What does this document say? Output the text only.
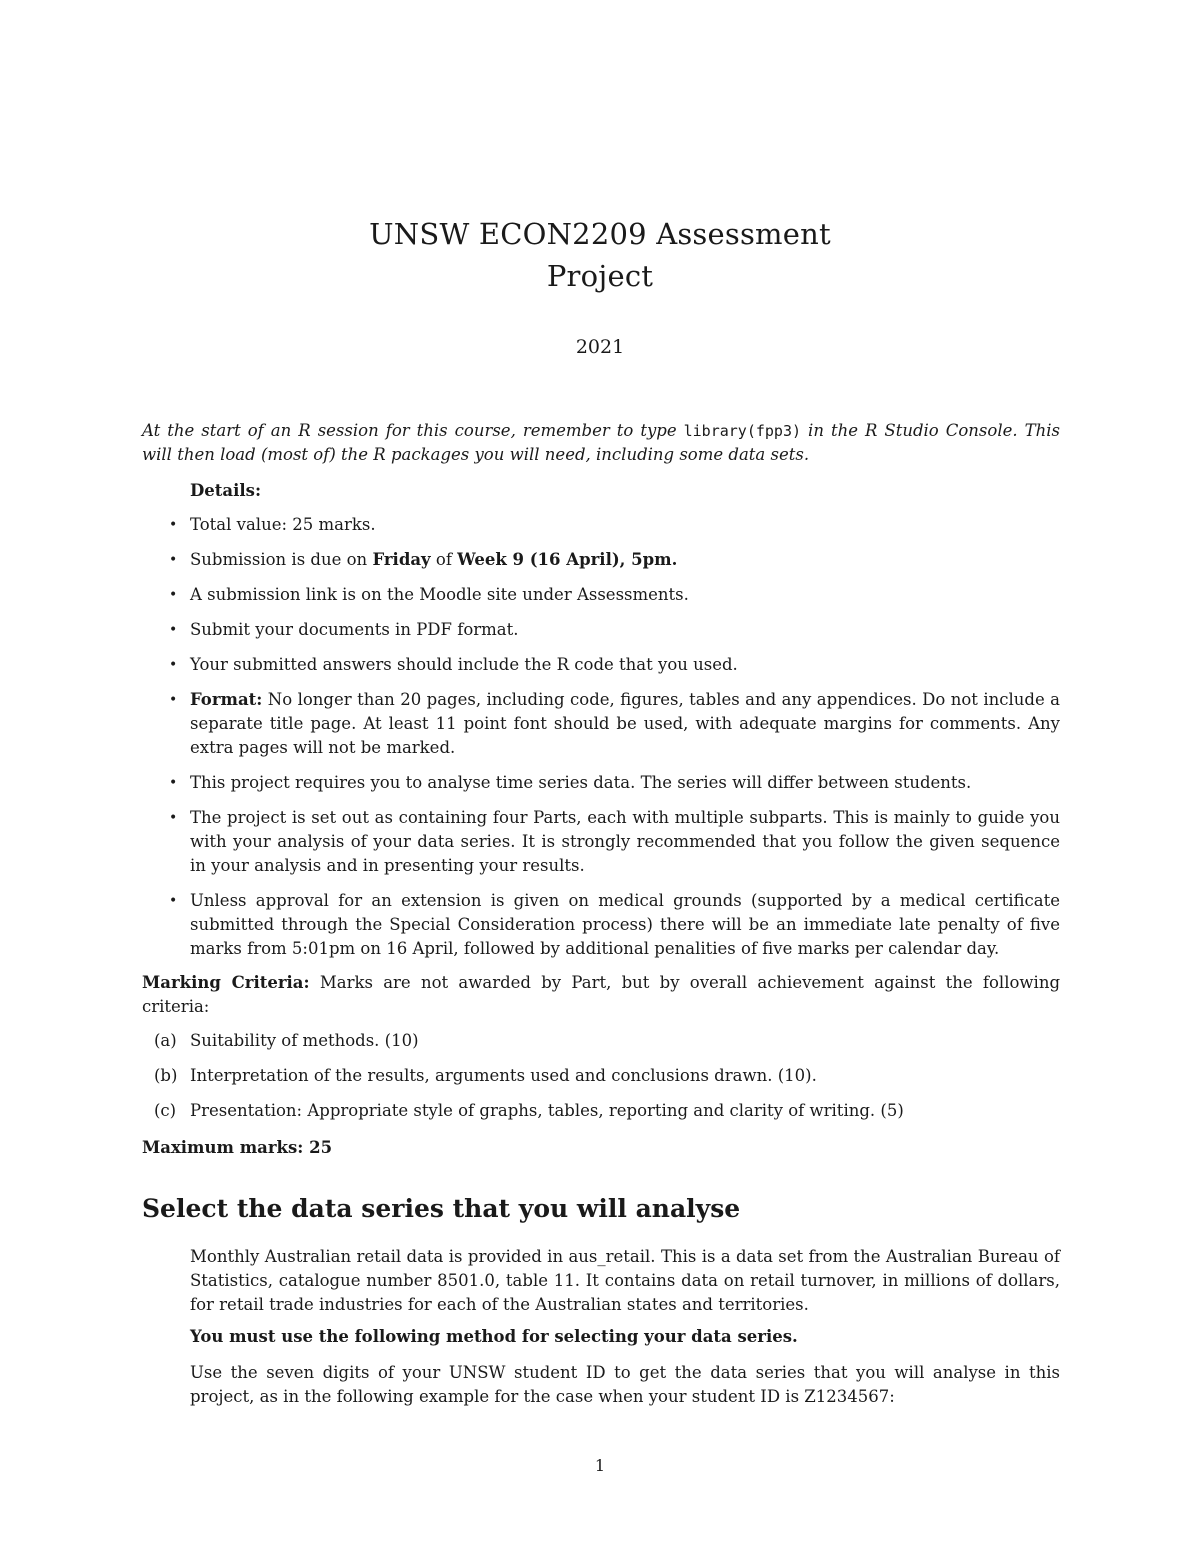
UNSW ECON2209 Assessment
Project
2021
At the start of an R session for this course, remember to type library(fpp3) in the R Studio Console. This will then load (most of) the R packages you will need, including some data sets.
Details:
• Total value: 25 marks.
• Submission is due on Friday of Week 9 (16 April), 5pm.
• A submission link is on the Moodle site under Assessments.
• Submit your documents in PDF format.
• Your submitted answers should include the R code that you used.
• Format: No longer than 20 pages, including code, figures, tables and any appendices. Do not include a separate title page. At least 11 point font should be used, with adequate margins for comments. Any extra pages will not be marked.
• This project requires you to analyse time series data. The series will differ between students.
• The project is set out as containing four Parts, each with multiple subparts. This is mainly to guide you with your analysis of your data series. It is strongly recommended that you follow the given sequence in your analysis and in presenting your results.
• Unless approval for an extension is given on medical grounds (supported by a medical certificate submitted through the Special Consideration process) there will be an immediate late penalty of five marks from 5:01pm on 16 April, followed by additional penalities of five marks per calendar day.
Marking Criteria: Marks are not awarded by Part, but by overall achievement against the following criteria:
(a) Suitability of methods. (10)
(b) Interpretation of the results, arguments used and conclusions drawn. (10).
(c) Presentation: Appropriate style of graphs, tables, reporting and clarity of writing. (5)
Maximum marks: 25
Select the data series that you will analyse
Monthly Australian retail data is provided in aus_retail. This is a data set from the Australian Bureau of Statistics, catalogue number 8501.0, table 11. It contains data on retail turnover, in millions of dollars, for retail trade industries for each of the Australian states and territories.
You must use the following method for selecting your data series.
Use the seven digits of your UNSW student ID to get the data series that you will analyse in this project, as in the following example for the case when your student ID is Z1234567:
1
